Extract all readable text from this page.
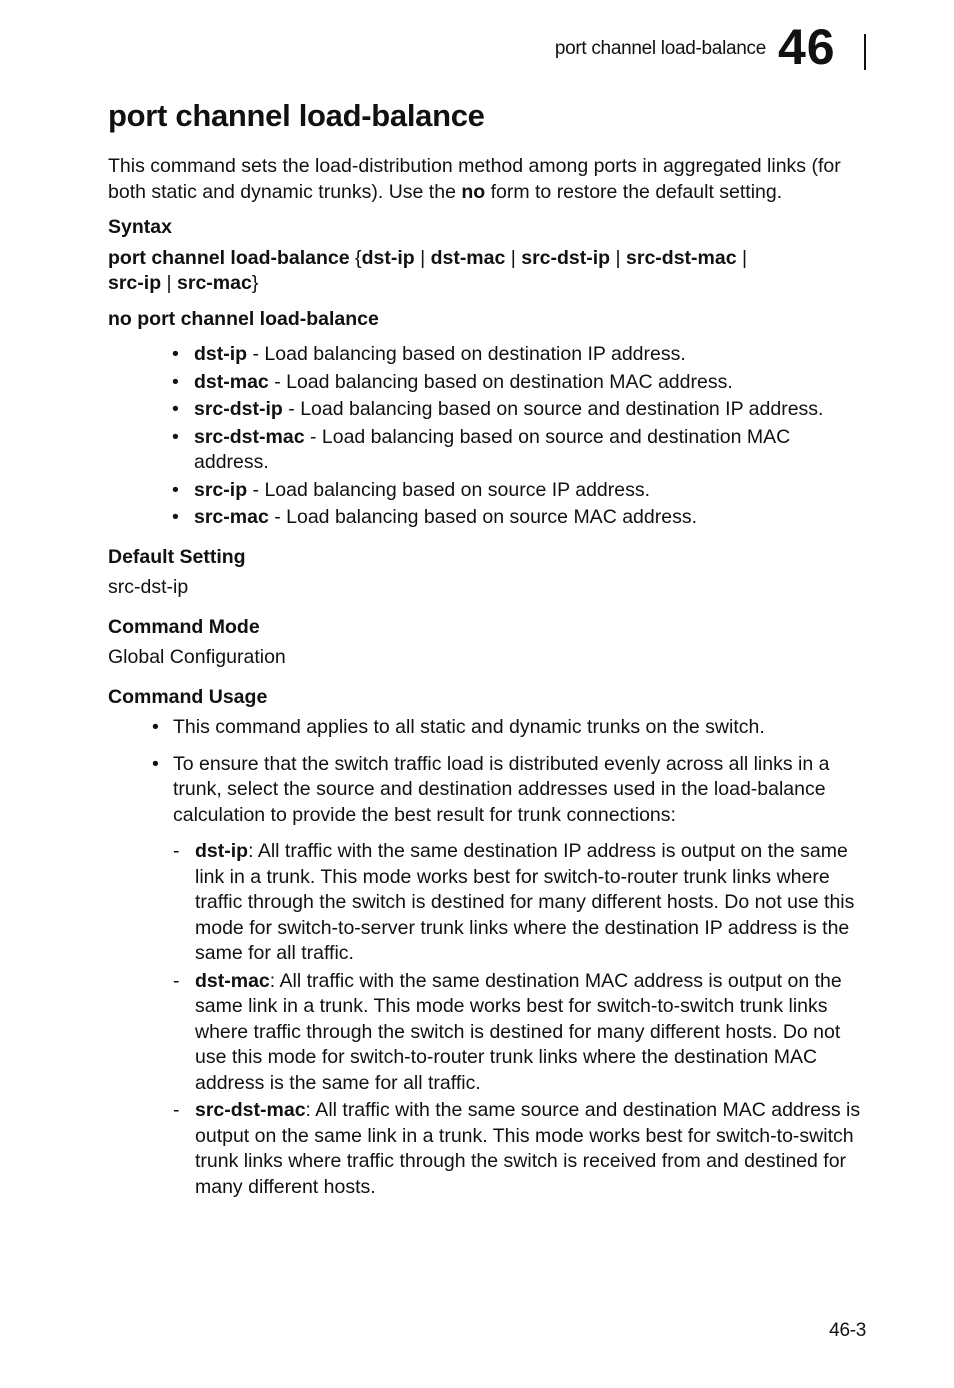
port channel load-balance 46
port channel load-balance

This command sets the load-distribution method among ports in aggregated links (for both static and dynamic trunks). Use the no form to restore the default setting.

Syntax

port channel load-balance {dst-ip | dst-mac | src-dst-ip | src-dst-mac |
src-ip | src-mac}

no port channel load-balance

• dst-ip - Load balancing based on destination IP address.
• dst-mac - Load balancing based on destination MAC address.
• src-dst-ip - Load balancing based on source and destination IP address.
• src-dst-mac - Load balancing based on source and destination MAC address.
• src-ip - Load balancing based on source IP address.
• src-mac - Load balancing based on source MAC address.
Default Setting

src-dst-ip

Command Mode

Global Configuration

Command Usage
• This command applies to all static and dynamic trunks on the switch.
• To ensure that the switch traffic load is distributed evenly across all links in a trunk, select the source and destination addresses used in the load-balance calculation to provide the best result for trunk connections:
- dst-ip: All traffic with the same destination IP address is output on the same link in a trunk. This mode works best for switch-to-router trunk links where traffic through the switch is destined for many different hosts. Do not use this mode for switch-to-server trunk links where the destination IP address is the same for all traffic.
- dst-mac: All traffic with the same destination MAC address is output on the same link in a trunk. This mode works best for switch-to-switch trunk links where traffic through the switch is destined for many different hosts. Do not use this mode for switch-to-router trunk links where the destination MAC address is the same for all traffic.
- src-dst-mac: All traffic with the same source and destination MAC address is output on the same link in a trunk. This mode works best for switch-to-switch trunk links where traffic through the switch is received from and destined for many different hosts.
46-3
